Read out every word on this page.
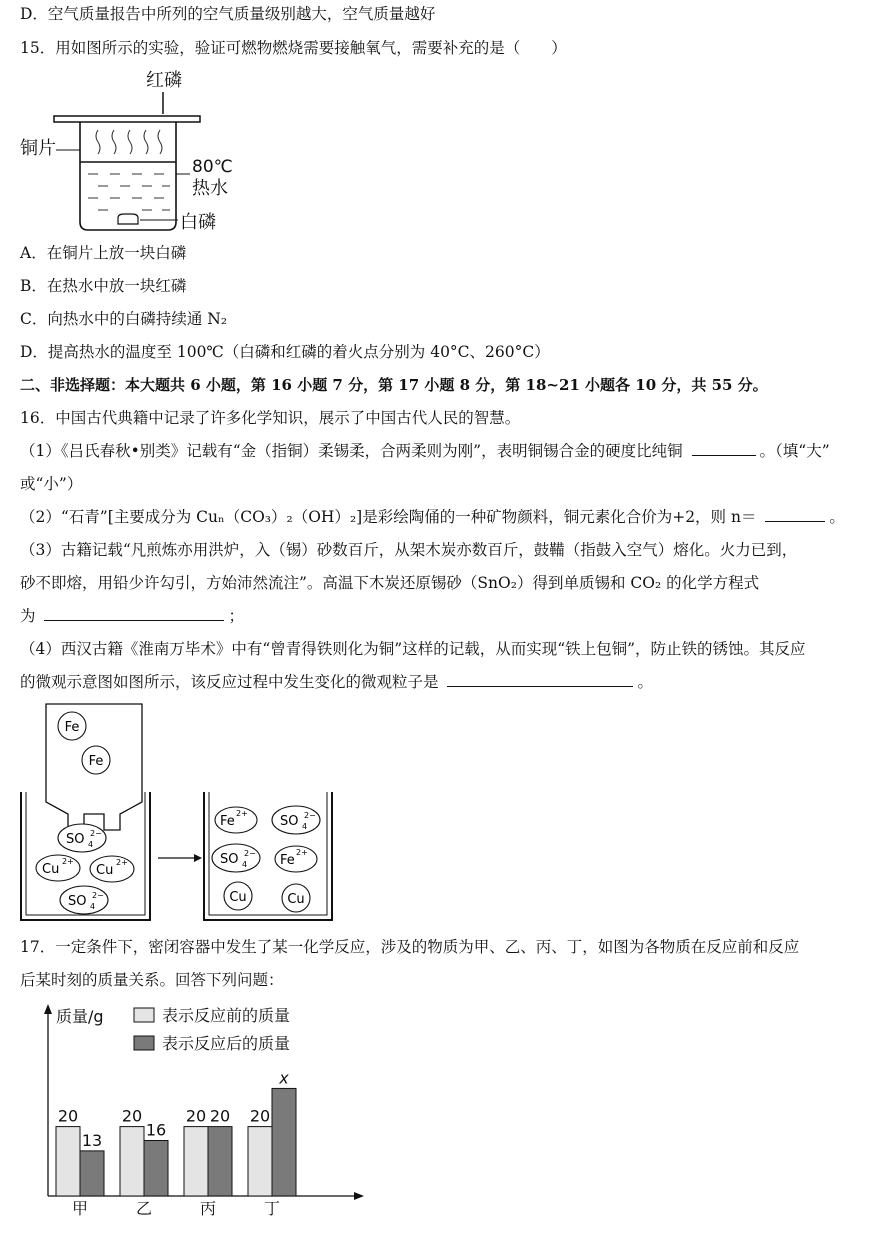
D．空气质量报告中所列的空气质量级别越大，空气质量越好
15．用如图所示的实验，验证可燃物燃烧需要接触氧气，需要补充的是（　　）
红磷
铜片
80℃
热水
白磷
A．在铜片上放一块白磷
B．在热水中放一块红磷
C．向热水中的白磷持续通 N₂
D．提高热水的温度至 100℃（白磷和红磷的着火点分别为 40°C、260°C）
二、非选择题：本大题共 6 小题，第 16 小题 7 分，第 17 小题 8 分，第 18~21 小题各 10 分，共 55 分。
16．中国古代典籍中记录了许多化学知识，展示了中国古代人民的智慧。
（1）《吕氏春秋•别类》记载有“金（指铜）柔锡柔，合两柔则为刚”，表明铜锡合金的硬度比纯铜	。（填“大”
或“小”）
（2）“石青”[主要成分为 Cuₙ（CO₃）₂（OH）₂]是彩绘陶俑的一种矿物颜料，铜元素化合价为+2，则 n＝	。
（3）古籍记载“凡煎炼亦用洪炉，入（锡）砂数百斤，从架木炭亦数百斤，鼓鞴（指鼓入空气）熔化。火力已到，
砂不即熔，用铅少许勾引，方始沛然流注”。高温下木炭还原锡砂（SnO₂）得到单质锡和 CO₂ 的化学方程式
为	；
（4）西汉古籍《淮南万毕术》中有“曾青得铁则化为铜”这样的记载，从而实现“铁上包铜”，防止铁的锈蚀。其反应
的微观示意图如图所示，该反应过程中发生变化的微观粒子是	。
Fe
Fe
SO 4
2−
Cu
2+
Cu
2+
SO 4
2−
Fe
2+
SO 4
2−
SO 4
2− Fe
2+
Cu	Cu
17．一定条件下，密闭容器中发生了某一化学反应，涉及的物质为甲、乙、丙、丁，如图为各物质在反应前和反应
后某时刻的质量关系。回答下列问题：
质量/g	表示反应前的质量
表示反应后的质量
20
13
甲
20
16
乙
20 20
丙
20
x
丁
